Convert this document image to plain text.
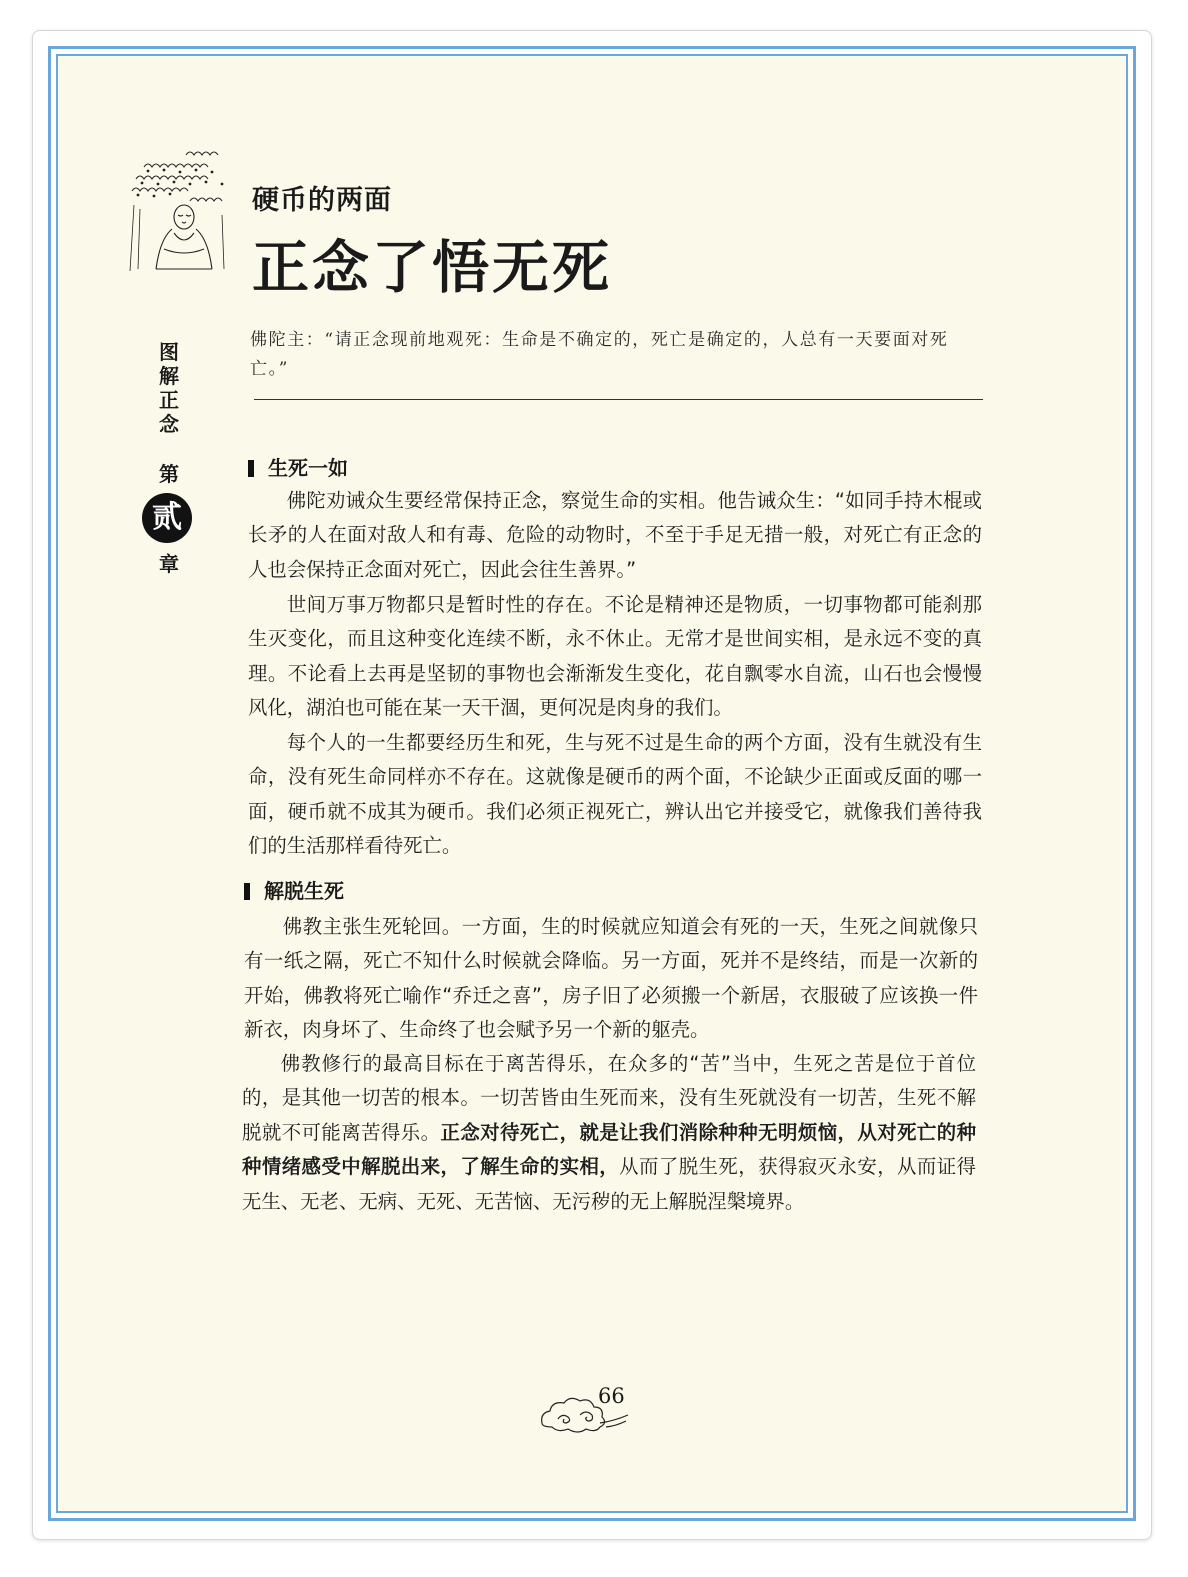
硬币的两面
正念了悟无死
佛陀主：“请正念现前地观死：生命是不确定的，死亡是确定的，人总有一天要面对死亡。”
图
解
正
念
第
贰
章
生死一如

佛陀劝诫众生要经常保持正念，察觉生命的实相。他告诫众生：“如同手持木棍或长矛的人在面对敌人和有毒、危险的动物时，不至于手足无措一般，对死亡有正念的人也会保持正念面对死亡，因此会往生善界。”

世间万事万物都只是暂时性的存在。不论是精神还是物质，一切事物都可能刹那生灭变化，而且这种变化连续不断，永不休止。无常才是世间实相，是永远不变的真理。不论看上去再是坚韧的事物也会渐渐发生变化，花自飘零水自流，山石也会慢慢风化，湖泊也可能在某一天干涸，更何况是肉身的我们。

每个人的一生都要经历生和死，生与死不过是生命的两个方面，没有生就没有生命，没有死生命同样亦不存在。这就像是硬币的两个面，不论缺少正面或反面的哪一面，硬币就不成其为硬币。我们必须正视死亡，辨认出它并接受它，就像我们善待我们的生活那样看待死亡。

解脱生死

佛教主张生死轮回。一方面，生的时候就应知道会有死的一天，生死之间就像只有一纸之隔，死亡不知什么时候就会降临。另一方面，死并不是终结，而是一次新的开始，佛教将死亡喻作“乔迁之喜”，房子旧了必须搬一个新居，衣服破了应该换一件新衣，肉身坏了、生命终了也会赋予另一个新的躯壳。

佛教修行的最高目标在于离苦得乐，在众多的“苦”当中，生死之苦是位于首位的，是其他一切苦的根本。一切苦皆由生死而来，没有生死就没有一切苦，生死不解脱就不可能离苦得乐。正念对待死亡，就是让我们消除种种无明烦恼，从对死亡的种种情绪感受中解脱出来，了解生命的实相，从而了脱生死，获得寂灭永安，从而证得无生、无老、无病、无死、无苦恼、无污秽的无上解脱涅槃境界。

66
